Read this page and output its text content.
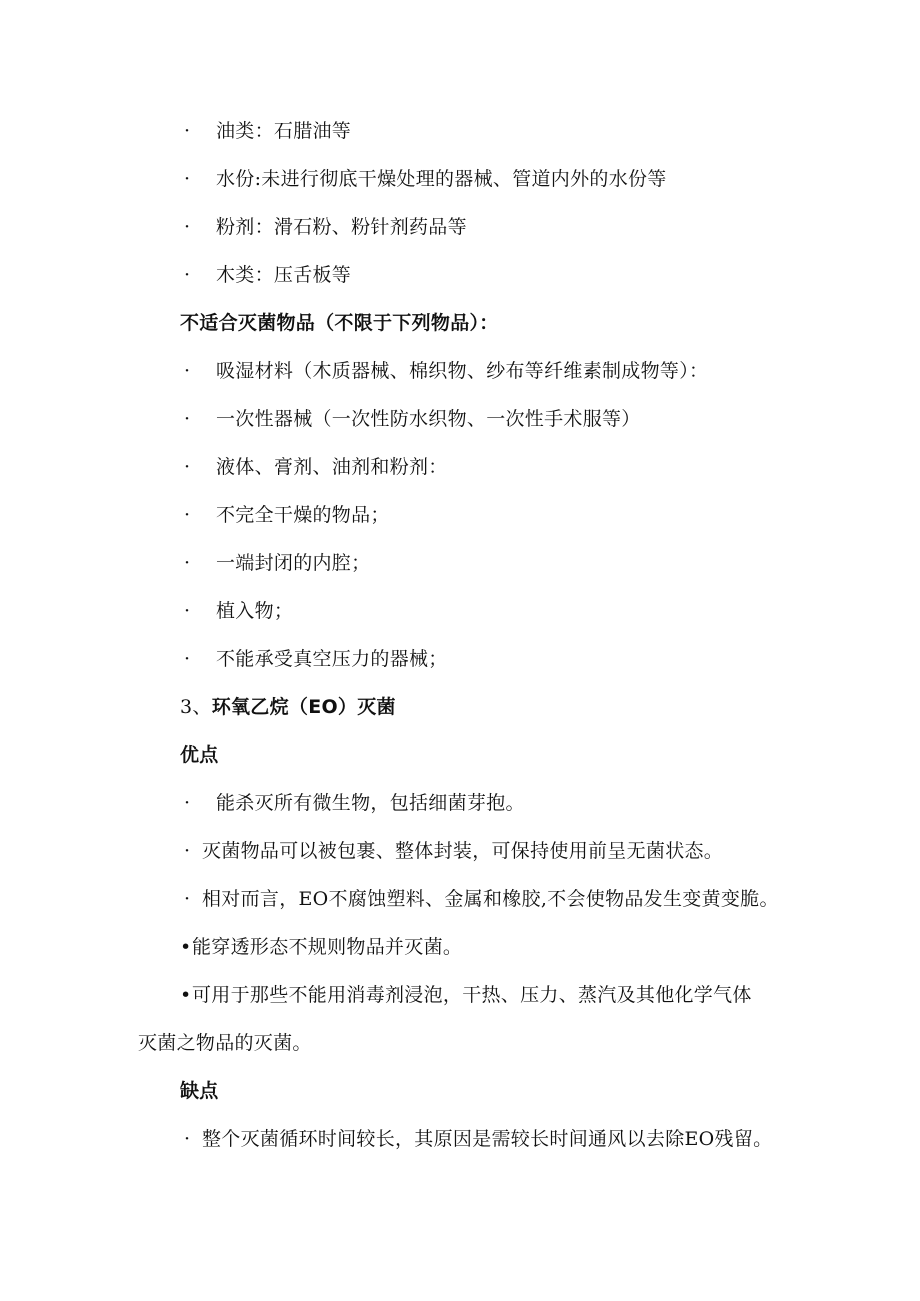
· 油类：石腊油等
· 水份:未进行彻底干燥处理的器械、管道内外的水份等
· 粉剂：滑石粉、粉针剂药品等
· 木类：压舌板等
不适合灭菌物品（不限于下列物品）：
· 吸湿材料（木质器械、棉织物、纱布等纤维素制成物等）：
· 一次性器械（一次性防水织物、一次性手术服等）
· 液体、膏剂、油剂和粉剂：
· 不完全干燥的物品；
· 一端封闭的内腔；
· 植入物；
· 不能承受真空压力的器械；
3、环氧乙烷（EO）灭菌
优点
· 能杀灭所有微生物，包括细菌芽抱。
· 灭菌物品可以被包裹、整体封装，可保持使用前呈无菌状态。
· 相对而言，EO不腐蚀塑料、金属和橡胶,不会使物品发生变黄变脆。
•能穿透形态不规则物品并灭菌。
•可用于那些不能用消毒剂浸泡，干热、压力、蒸汽及其他化学气体
灭菌之物品的灭菌。
缺点
· 整个灭菌循环时间较长，其原因是需较长时间通风以去除EO残留。
